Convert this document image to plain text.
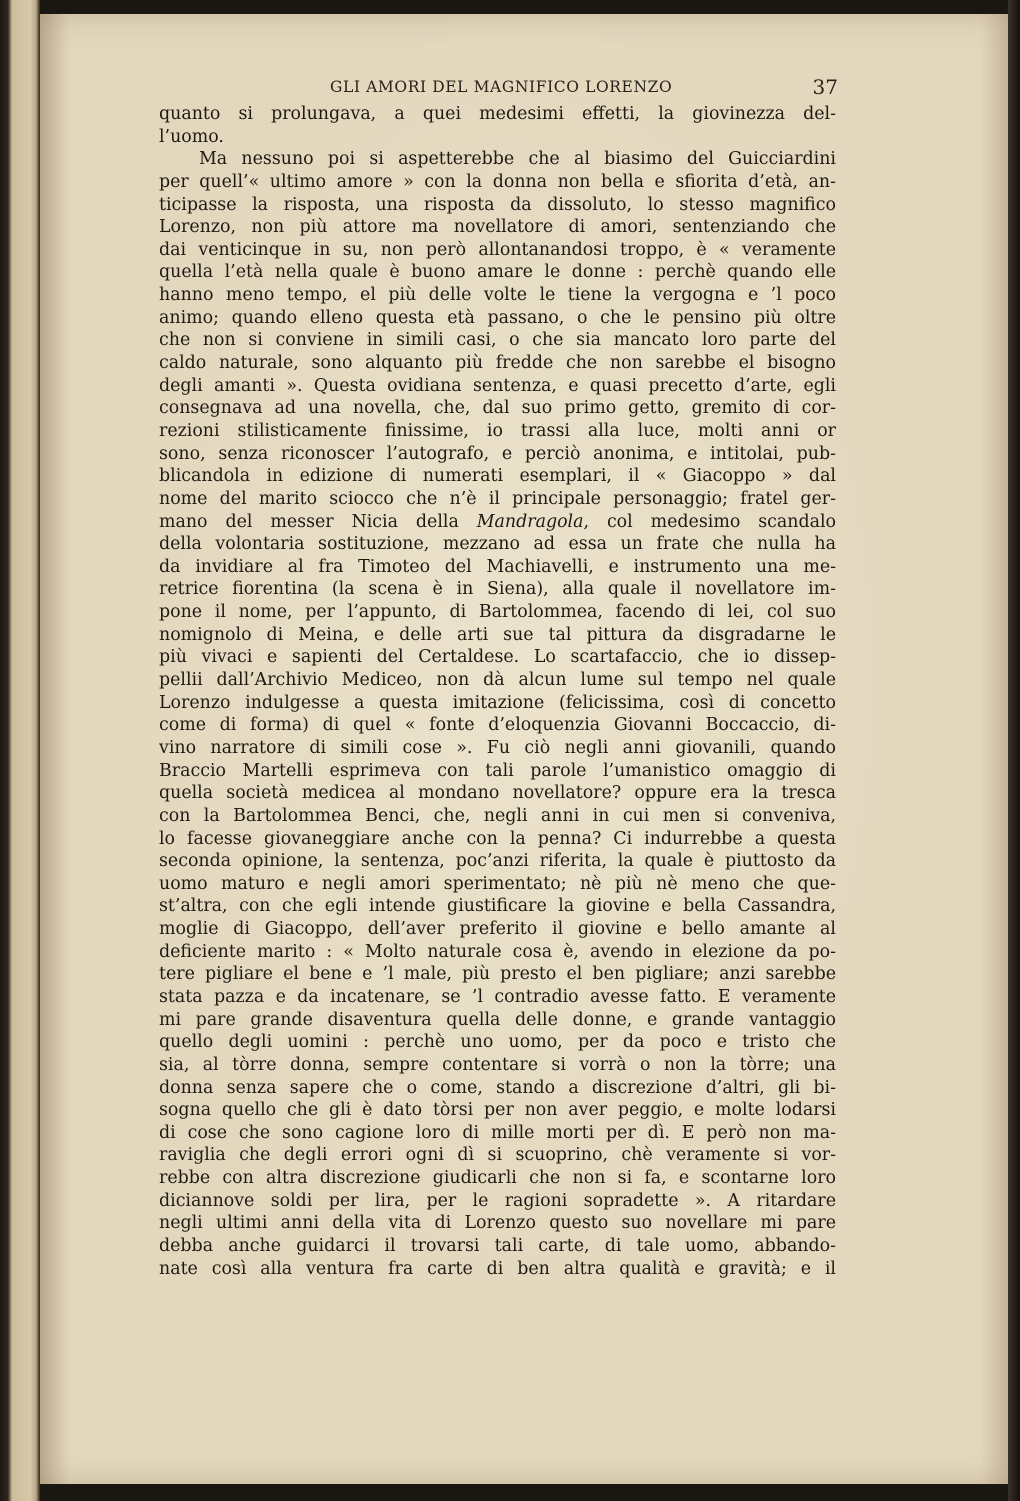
GLI AMORI DEL MAGNIFICO LORENZO	37
quanto si prolungava, a quei medesimi effetti, la giovinezza del-
l’uomo.
Ma nessuno poi si aspetterebbe che al biasimo del Guicciardini
per quell’« ultimo amore » con la donna non bella e sfiorita d’età, an-
ticipasse la risposta, una risposta da dissoluto, lo stesso magnifico
Lorenzo, non più attore ma novellatore di amori, sentenziando che
dai venticinque in su, non però allontanandosi troppo, è « veramente
quella l’età nella quale è buono amare le donne : perchè quando elle
hanno meno tempo, el più delle volte le tiene la vergogna e ’l poco
animo; quando elleno questa età passano, o che le pensino più oltre
che non si conviene in simili casi, o che sia mancato loro parte del
caldo naturale, sono alquanto più fredde che non sarebbe el bisogno
degli amanti ». Questa ovidiana sentenza, e quasi precetto d’arte, egli
consegnava ad una novella, che, dal suo primo getto, gremito di cor-
rezioni stilisticamente finissime, io trassi alla luce, molti anni or
sono, senza riconoscer l’autografo, e perciò anonima, e intitolai, pub-
blicandola in edizione di numerati esemplari, il « Giacoppo » dal
nome del marito sciocco che n’è il principale personaggio; fratel ger-
mano del messer Nicia della Mandragola, col medesimo scandalo
della volontaria sostituzione, mezzano ad essa un frate che nulla ha
da invidiare al fra Timoteo del Machiavelli, e instrumento una me-
retrice fiorentina (la scena è in Siena), alla quale il novellatore im-
pone il nome, per l’appunto, di Bartolommea, facendo di lei, col suo
nomignolo di Meina, e delle arti sue tal pittura da disgradarne le
più vivaci e sapienti del Certaldese. Lo scartafaccio, che io dissep-
pellii dall’Archivio Mediceo, non dà alcun lume sul tempo nel quale
Lorenzo indulgesse a questa imitazione (felicissima, così di concetto
come di forma) di quel « fonte d’eloquenzia Giovanni Boccaccio, di-
vino narratore di simili cose ». Fu ciò negli anni giovanili, quando
Braccio Martelli esprimeva con tali parole l’umanistico omaggio di
quella società medicea al mondano novellatore? oppure era la tresca
con la Bartolommea Benci, che, negli anni in cui men si conveniva,
lo facesse giovaneggiare anche con la penna? Ci indurrebbe a questa
seconda opinione, la sentenza, poc’anzi riferita, la quale è piuttosto da
uomo maturo e negli amori sperimentato; nè più nè meno che que-
st’altra, con che egli intende giustificare la giovine e bella Cassandra,
moglie di Giacoppo, dell’aver preferito il giovine e bello amante al
deficiente marito : « Molto naturale cosa è, avendo in elezione da po-
tere pigliare el bene e ’l male, più presto el ben pigliare; anzi sarebbe
stata pazza e da incatenare, se ’l contradio avesse fatto. E veramente
mi pare grande disaventura quella delle donne, e grande vantaggio
quello degli uomini : perchè uno uomo, per da poco e tristo che
sia, al tòrre donna, sempre contentare si vorrà o non la tòrre; una
donna senza sapere che o come, stando a discrezione d’altri, gli bi-
sogna quello che gli è dato tòrsi per non aver peggio, e molte lodarsi
di cose che sono cagione loro di mille morti per dì. E però non ma-
raviglia che degli errori ogni dì si scuoprino, chè veramente si vor-
rebbe con altra discrezione giudicarli che non si fa, e scontarne loro
diciannove soldi per lira, per le ragioni sopradette ». A ritardare
negli ultimi anni della vita di Lorenzo questo suo novellare mi pare
debba anche guidarci il trovarsi tali carte, di tale uomo, abbando-
nate così alla ventura fra carte di ben altra qualità e gravità; e il
